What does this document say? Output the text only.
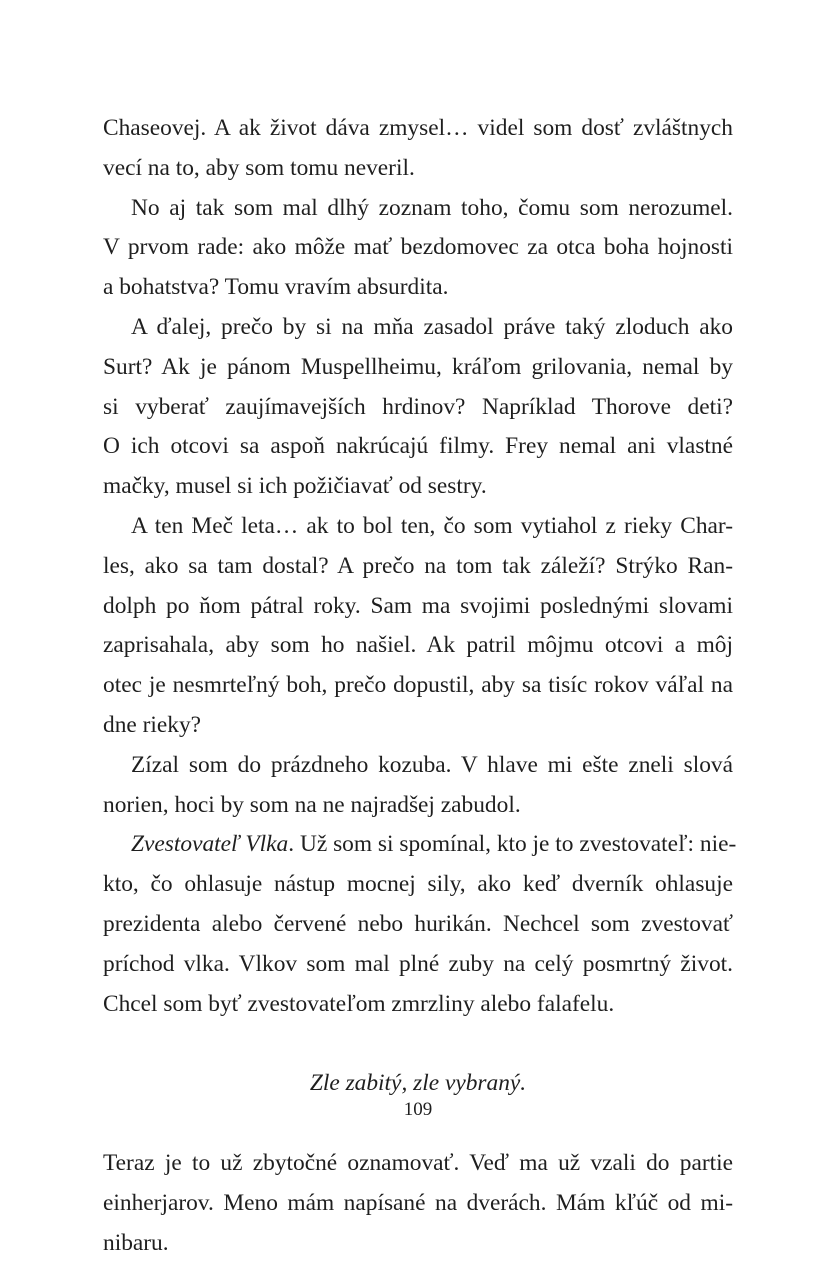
Chaseovej. A ak život dáva zmysel… videl som dosť zvláštnych
vecí na to, aby som tomu neveril.
No aj tak som mal dlhý zoznam toho, čomu som nerozumel.
V prvom rade: ako môže mať bezdomovec za otca boha hojnosti
a bohatstva? Tomu vravím absurdita.
A ďalej, prečo by si na mňa zasadol práve taký zloduch ako
Surt? Ak je pánom Muspellheimu, kráľom grilovania, nemal by
si vyberať zaujímavejších hrdinov? Napríklad Thorove deti?
O ich otcovi sa aspoň nakrúcajú filmy. Frey nemal ani vlastné
mačky, musel si ich požičiavať od sestry.
A ten Meč leta… ak to bol ten, čo som vytiahol z rieky Char-
les, ako sa tam dostal? A prečo na tom tak záleží? Strýko Ran-
dolph po ňom pátral roky. Sam ma svojimi poslednými slovami
zaprisahala, aby som ho našiel. Ak patril môjmu otcovi a môj
otec je nesmrteľný boh, prečo dopustil, aby sa tisíc rokov váľal na
dne rieky?
Zízal som do prázdneho kozuba. V hlave mi ešte zneli slová
norien, hoci by som na ne najradšej zabudol.
Zvestovateľ Vlka. Už som si spomínal, kto je to zvestovateľ: nie-
kto, čo ohlasuje nástup mocnej sily, ako keď dverník ohlasuje
prezidenta alebo červené nebo hurikán. Nechcel som zvestovať
príchod vlka. Vlkov som mal plné zuby na celý posmrtný život.
Chcel som byť zvestovateľom zmrzliny alebo falafelu.
Zle zabitý, zle vybraný.
Teraz je to už zbytočné oznamovať. Veď ma už vzali do partie
einherjarov. Meno mám napísané na dverách. Mám kľúč od mi-
nibaru.
109
